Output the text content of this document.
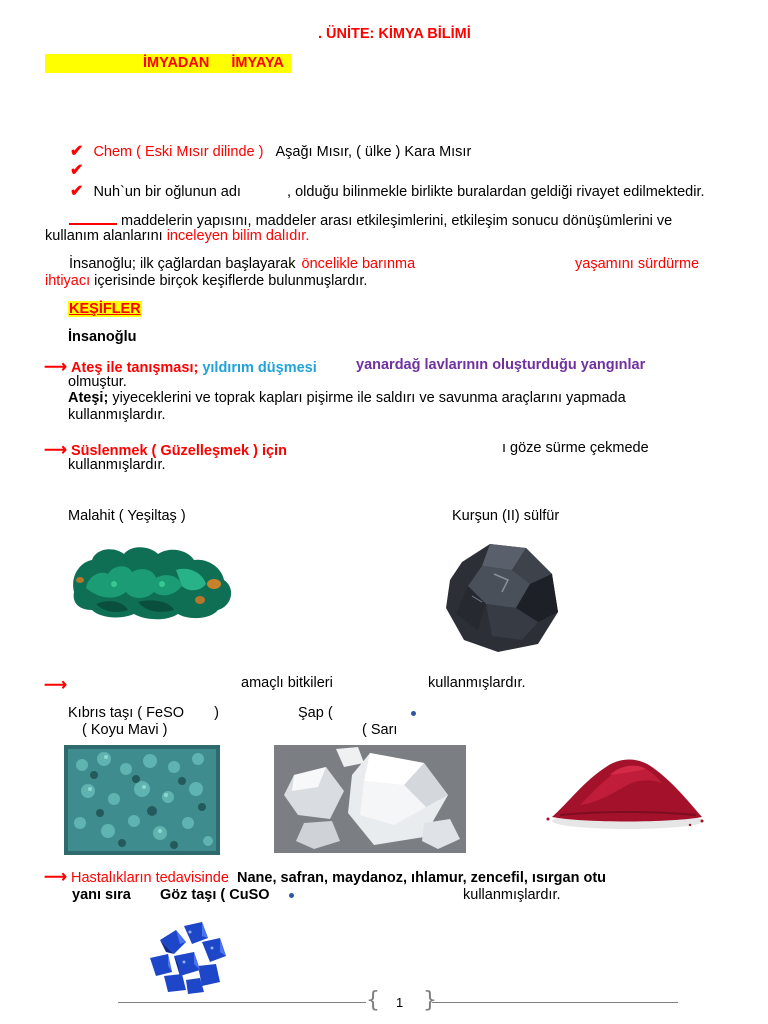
. ÜNİTE: KİMYA BİLİMİ
İMYADAN İMYAYA
✔ Chem ( Eski Mısır dilinde ) Aşağı Mısır, ( ülke ) Kara Mısır
✔
✔ Nuh`un bir oğlunun adı	, olduğu bilinmekle birlikte buralardan geldiği rivayet edilmektedir.
maddelerin yapısını, maddeler arası etkileşimlerini, etkileşim sonucu dönüşümlerini ve
kullanım alanlarını inceleyen bilim dalıdır.
İnsanoğlu; ilk çağlardan başlayarak öncelikle barınma	yaşamını sürdürme
ihtiyacı içerisinde birçok keşiflerde bulunmuşlardır.
KEŞİFLER
İnsanoğlu
⟶ Ateş ile tanışması; yıldırım düşmesi	yanardağ lavlarının oluşturduğu yangınlar
olmuştur.
Ateşi; yiyeceklerini ve toprak kapları pişirme ile saldırı ve savunma araçlarını yapmada
kullanmışlardır.
⟶ Süslenmek ( Güzelleşmek ) için	ı göze sürme çekmede
kullanmışlardır.
Malahit ( Yeşiltaş )	Kurşun (II) sülfür
⟶	amaçlı bitkileri	kullanmışlardır.
Kıbrıs taşı ( FeSO )	Şap (
( Koyu Mavi )	( Sarı
⟶ Hastalıkların tedavisinde Nane, safran, maydanoz, ıhlamur, zencefil, ısırgan otu
yanı sıra Göz taşı ( CuSO	kullanmışlardır.
{ }
1
